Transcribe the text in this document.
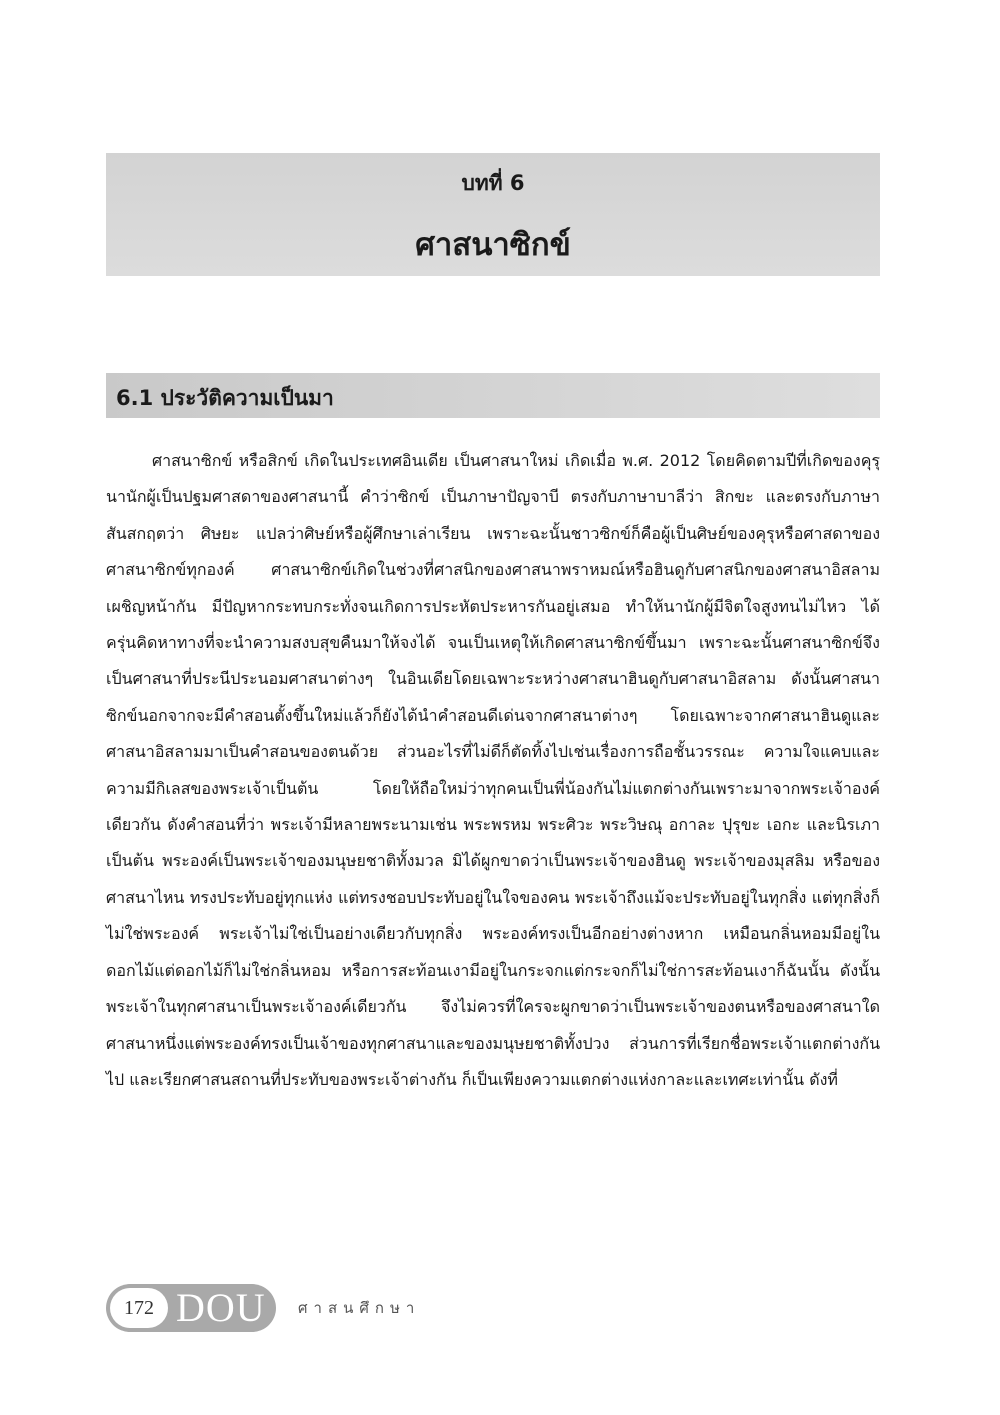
บทที่ 6
ศาสนาซิกข์
6.1 ประวัติความเป็นมา

ศาสนาซิกข์ หรือสิกข์ เกิดในประเทศอินเดีย เป็นศาสนาใหม่ เกิดเมื่อ พ.ศ. 2012 โดยคิดตามปีที่เกิดของคุรุนานักผู้เป็นปฐมศาสดาของศาสนานี้ คำว่าซิกข์ เป็นภาษาปัญจาบี ตรงกับภาษาบาลีว่า สิกขะ และตรงกับภาษาสันสกฤตว่า ศิษยะ แปลว่าศิษย์หรือผู้ศึกษาเล่าเรียน เพราะฉะนั้นชาวซิกข์ก็คือผู้เป็นศิษย์ของคุรุหรือศาสดาของศาสนาซิกข์ทุกองค์ ศาสนาซิกข์เกิดในช่วงที่ศาสนิกของศาสนาพราหมณ์หรือฮินดูกับศาสนิกของศาสนาอิสลามเผชิญหน้ากัน มีปัญหากระทบกระทั่งจนเกิดการประหัตประหารกันอยู่เสมอ ทำให้นานักผู้มีจิตใจสูงทนไม่ไหว ได้ครุ่นคิดหาทางที่จะนำความสงบสุขคืนมาให้จงได้ จนเป็นเหตุให้เกิดศาสนาซิกข์ขึ้นมา เพราะฉะนั้นศาสนาซิกข์จึงเป็นศาสนาที่ประนีประนอมศาสนาต่างๆ ในอินเดียโดยเฉพาะระหว่างศาสนาฮินดูกับศาสนาอิสลาม ดังนั้นศาสนาซิกข์นอกจากจะมีคำสอนตั้งขึ้นใหม่แล้วก็ยังได้นำคำสอนดีเด่นจากศาสนาต่างๆ โดยเฉพาะจากศาสนาฮินดูและศาสนาอิสลามมาเป็นคำสอนของตนด้วย ส่วนอะไรที่ไม่ดีก็ตัดทิ้งไปเช่นเรื่องการถือชั้นวรรณะ ความใจแคบและความมีกิเลสของพระเจ้าเป็นต้น โดยให้ถือใหม่ว่าทุกคนเป็นพี่น้องกันไม่แตกต่างกันเพราะมาจากพระเจ้าองค์เดียวกัน ดังคำสอนที่ว่า พระเจ้ามีหลายพระนามเช่น พระพรหม พระศิวะ พระวิษณุ อกาละ ปุรุขะ เอกะ และนิรเภา เป็นต้น พระองค์เป็นพระเจ้าของมนุษยชาติทั้งมวล มิได้ผูกขาดว่าเป็นพระเจ้าของฮินดู พระเจ้าของมุสลิม หรือของศาสนาไหน ทรงประทับอยู่ทุกแห่ง แต่ทรงชอบประทับอยู่ในใจของคน พระเจ้าถึงแม้จะประทับอยู่ในทุกสิ่ง แต่ทุกสิ่งก็ไม่ใช่พระองค์ พระเจ้าไม่ใช่เป็นอย่างเดียวกับทุกสิ่ง พระองค์ทรงเป็นอีกอย่างต่างหาก เหมือนกลิ่นหอมมีอยู่ในดอกไม้แต่ดอกไม้ก็ไม่ใช่กลิ่นหอม หรือการสะท้อนเงามีอยู่ในกระจกแต่กระจกก็ไม่ใช่การสะท้อนเงาก็ฉันนั้น ดังนั้นพระเจ้าในทุกศาสนาเป็นพระเจ้าองค์เดียวกัน จึงไม่ควรที่ใครจะผูกขาดว่าเป็นพระเจ้าของตนหรือของศาสนาใดศาสนาหนึ่งแต่พระองค์ทรงเป็นเจ้าของทุกศาสนาและของมนุษยชาติทั้งปวง ส่วนการที่เรียกชื่อพระเจ้าแตกต่างกันไป และเรียกศาสนสถานที่ประทับของพระเจ้าต่างกัน ก็เป็นเพียงความแตกต่างแห่งกาละและเทศะเท่านั้น ดังที่

172 DOU ศาสนศึกษา
